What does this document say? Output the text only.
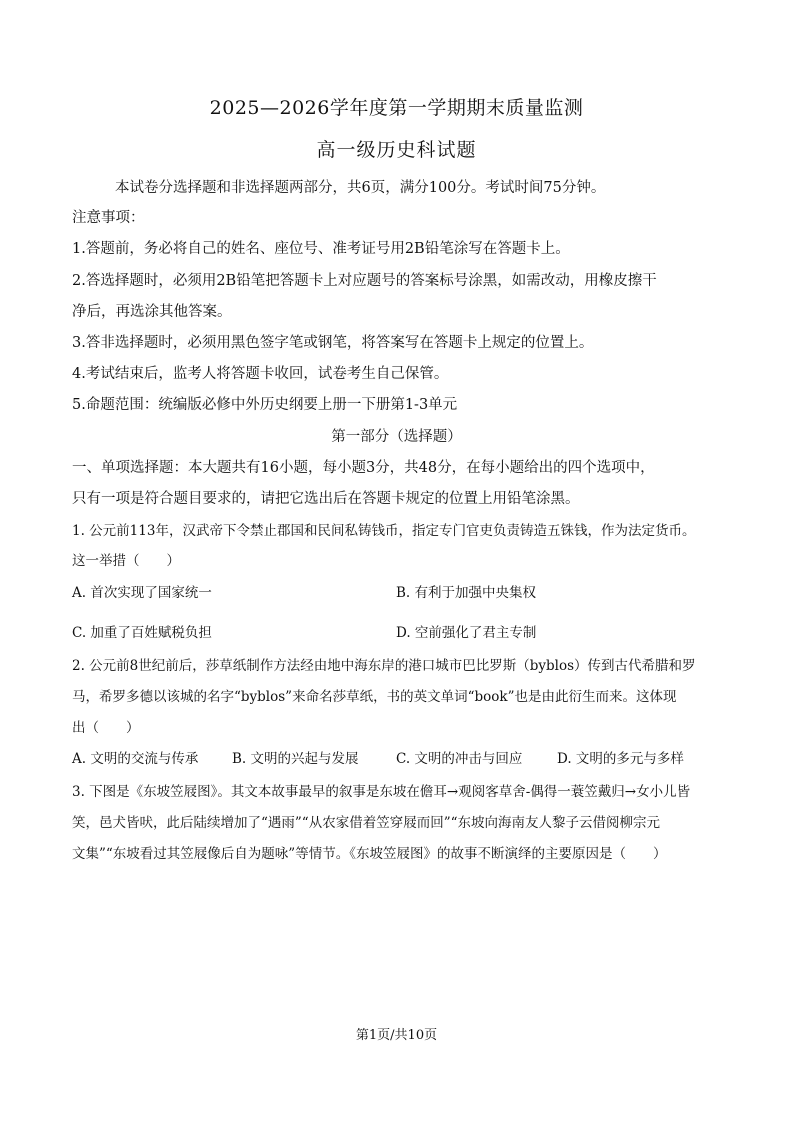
2025—2026学年度第一学期期末质量监测
高一级历史科试题
本试卷分选择题和非选择题两部分，共6页，满分100分。考试时间75分钟。
注意事项：
1.答题前，务必将自己的姓名、座位号、准考证号用2B铅笔涂写在答题卡上。
2.答选择题时，必须用2B铅笔把答题卡上对应题号的答案标号涂黑，如需改动，用橡皮擦干
净后，再选涂其他答案。
3.答非选择题时，必须用黑色签字笔或钢笔，将答案写在答题卡上规定的位置上。
4.考试结束后，监考人将答题卡收回，试卷考生自己保管。
5.命题范围：统编版必修中外历史纲要上册一下册第1-3单元
第一部分（选择题）
一、单项选择题：本大题共有16小题，每小题3分，共48分，在每小题给出的四个选项中，
只有一项是符合题目要求的，请把它选出后在答题卡规定的位置上用铅笔涂黑。
1. 公元前113年，汉武帝下令禁止郡国和民间私铸钱币，指定专门官吏负责铸造五铢钱，作为法定货币。
这一举措（　　）
A. 首次实现了国家统一	B. 有利于加强中央集权
C. 加重了百姓赋税负担	D. 空前强化了君主专制
2. 公元前8世纪前后，莎草纸制作方法经由地中海东岸的港口城市巴比罗斯（byblos）传到古代希腊和罗
马，希罗多德以该城的名字“byblos”来命名莎草纸，书的英文单词“book”也是由此衍生而来。这体现
出（　　）
A. 文明的交流与传承 B. 文明的兴起与发展	C. 文明的冲击与回应	D. 文明的多元与多样
3. 下图是《东坡笠屐图》。其文本故事最早的叙事是东坡在儋耳→观阅客草舍-偶得一蓑笠戴归→女小儿皆
笑，邑犬皆吠，此后陆续增加了“遇雨”“从农家借着笠穿屐而回”“东坡向海南友人黎子云借阅柳宗元
文集”“东坡看过其笠屐像后自为题咏”等情节。《东坡笠屐图》的故事不断演绎的主要原因是（　　）
第1页/共10页
